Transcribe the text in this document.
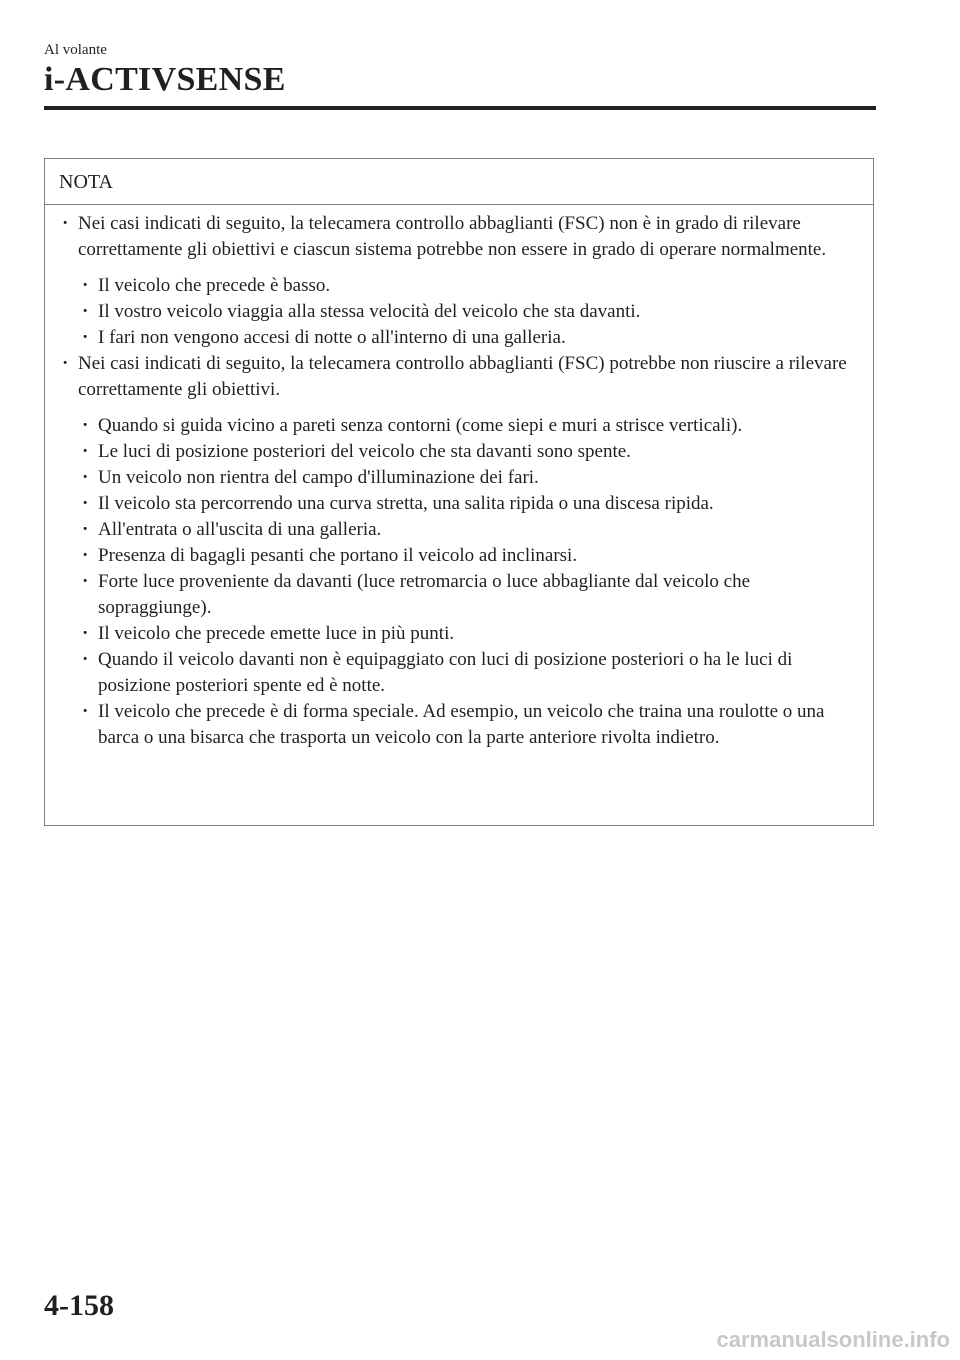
Al volante
i-ACTIVSENSE
NOTA
· Nei casi indicati di seguito, la telecamera controllo abbaglianti (FSC) non è in grado di rilevare correttamente gli obiettivi e ciascun sistema potrebbe non essere in grado di operare normalmente.
· Il veicolo che precede è basso.
· Il vostro veicolo viaggia alla stessa velocità del veicolo che sta davanti.
· I fari non vengono accesi di notte o all'interno di una galleria.
· Nei casi indicati di seguito, la telecamera controllo abbaglianti (FSC) potrebbe non riuscire a rilevare correttamente gli obiettivi.
· Quando si guida vicino a pareti senza contorni (come siepi e muri a strisce verticali).
· Le luci di posizione posteriori del veicolo che sta davanti sono spente.
· Un veicolo non rientra del campo d'illuminazione dei fari.
· Il veicolo sta percorrendo una curva stretta, una salita ripida o una discesa ripida.
· All'entrata o all'uscita di una galleria.
· Presenza di bagagli pesanti che portano il veicolo ad inclinarsi.
· Forte luce proveniente da davanti (luce retromarcia o luce abbagliante dal veicolo che sopraggiunge).
· Il veicolo che precede emette luce in più punti.
· Quando il veicolo davanti non è equipaggiato con luci di posizione posteriori o ha le luci di posizione posteriori spente ed è notte.
· Il veicolo che precede è di forma speciale. Ad esempio, un veicolo che traina una roulotte o una barca o una bisarca che trasporta un veicolo con la parte anteriore rivolta indietro.
4-158
carmanualsonline.info
